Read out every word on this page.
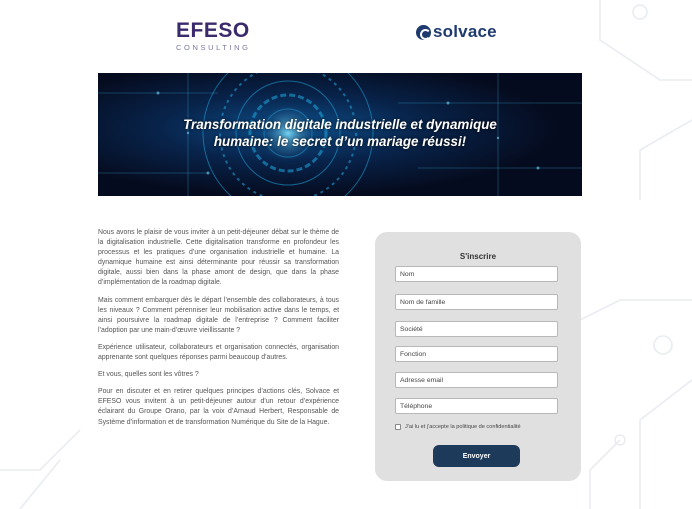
EFESO
CONSULTING
solvace
Transformation digitale industrielle et dynamique
humaine: le secret d’un mariage réussi!

Nous avons le plaisir de vous inviter à un petit-déjeuner débat sur le thème de la digitalisation industrielle. Cette digitalisation transforme en profondeur les processus et les pratiques d’une organisation industrielle et humaine. La dynamique humaine est ainsi déterminante pour réussir sa transformation digitale, aussi bien dans la phase amont de design, que dans la phase d’implémentation de la roadmap digitale.

Mais comment embarquer dès le départ l’ensemble des collaborateurs, à tous les niveaux ? Comment pérenniser leur mobilisation active dans le temps, et ainsi poursuivre la roadmap digitale de l’entreprise ? Comment faciliter l’adoption par une main-d’œuvre vieillissante ?

Expérience utilisateur, collaborateurs et organisation connectés, organisation apprenante sont quelques réponses parmi beaucoup d’autres.

Et vous, quelles sont les vôtres ?

Pour en discuter et en retirer quelques principes d’actions clés, Solvace et EFESO vous invitent à un petit-déjeuner autour d’un retour d’expérience éclairant du Groupe Orano, par la voix d’Arnaud Herbert, Responsable de Système d’information et de transformation Numérique du Site de la Hague.

S'inscrire
Nom
Nom de famille
Société
Fonction
Adresse email
Téléphone
J'ai lu et j'accepte la politique de confidentialité
Envoyer
